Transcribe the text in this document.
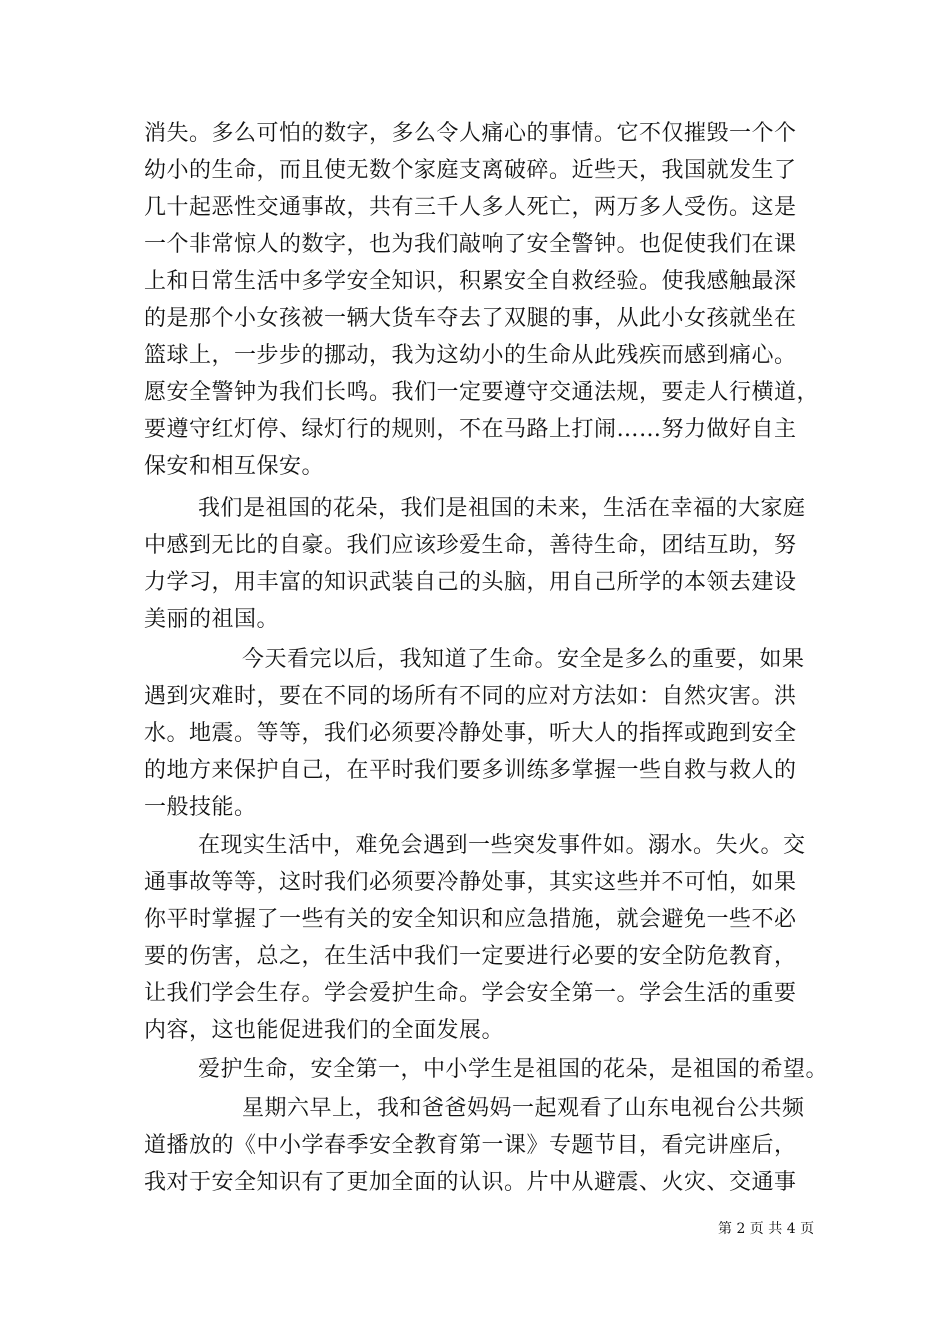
消失。多么可怕的数字，多么令人痛心的事情。它不仅摧毁一个个
幼小的生命，而且使无数个家庭支离破碎。近些天，我国就发生了
几十起恶性交通事故，共有三千人多人死亡，两万多人受伤。这是
一个非常惊人的数字，也为我们敲响了安全警钟。也促使我们在课
上和日常生活中多学安全知识，积累安全自救经验。使我感触最深
的是那个小女孩被一辆大货车夺去了双腿的事，从此小女孩就坐在
篮球上，一步步的挪动，我为这幼小的生命从此残疾而感到痛心。
愿安全警钟为我们长鸣。我们一定要遵守交通法规，要走人行横道，
要遵守红灯停、绿灯行的规则，不在马路上打闹……努力做好自主
保安和相互保安。
我们是祖国的花朵，我们是祖国的未来，生活在幸福的大家庭
中感到无比的自豪。我们应该珍爱生命，善待生命，团结互助，努
力学习，用丰富的知识武装自己的头脑，用自己所学的本领去建设
美丽的祖国。
今天看完以后，我知道了生命。安全是多么的重要，如果
遇到灾难时，要在不同的场所有不同的应对方法如：自然灾害。洪
水。地震。等等，我们必须要冷静处事，听大人的指挥或跑到安全
的地方来保护自己，在平时我们要多训练多掌握一些自救与救人的
一般技能。
在现实生活中，难免会遇到一些突发事件如。溺水。失火。交
通事故等等，这时我们必须要冷静处事，其实这些并不可怕，如果
你平时掌握了一些有关的安全知识和应急措施，就会避免一些不必
要的伤害，总之，在生活中我们一定要进行必要的安全防危教育，
让我们学会生存。学会爱护生命。学会安全第一。学会生活的重要
内容，这也能促进我们的全面发展。
爱护生命，安全第一，中小学生是祖国的花朵，是祖国的希望。
星期六早上，我和爸爸妈妈一起观看了山东电视台公共频
道播放的《中小学春季安全教育第一课》专题节目，看完讲座后，
我对于安全知识有了更加全面的认识。片中从避震、火灾、交通事
第 2 页 共 4 页
